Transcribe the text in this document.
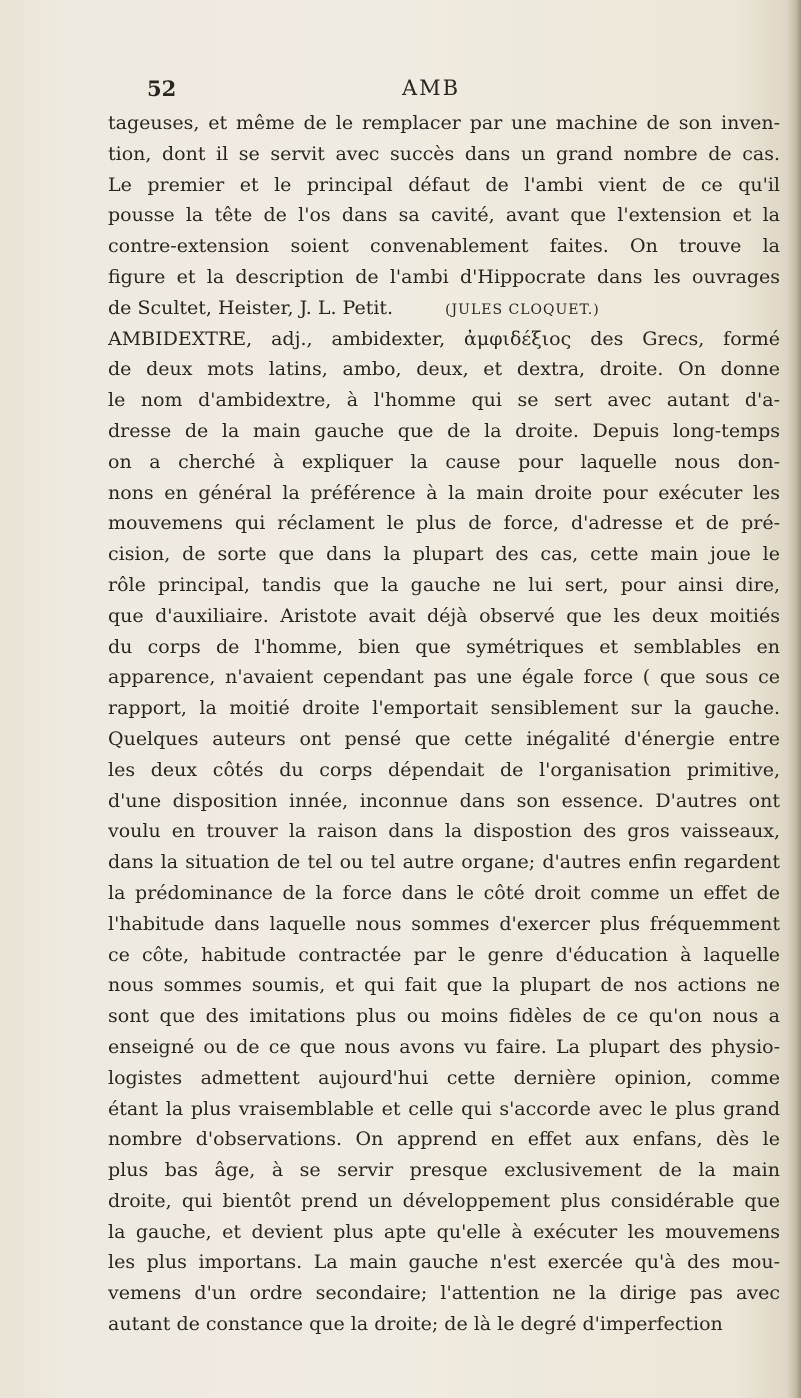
52	AMB
tageuses, et même de le remplacer par une machine de son inven-
tion, dont il se servit avec succès dans un grand nombre de cas.
Le premier et le principal défaut de l'ambi vient de ce qu'il
pousse la tête de l'os dans sa cavité, avant que l'extension et la
contre-extension soient convenablement faites. On trouve la
figure et la description de l'ambi d'Hippocrate dans les ouvrages
de Scultet, Heister, J. L. Petit.	(JULES CLOQUET.)
AMBIDEXTRE, adj., ambidexter, ἀμφιδέξιος des Grecs, formé
de deux mots latins, ambo, deux, et dextra, droite. On donne
le nom d'ambidextre, à l'homme qui se sert avec autant d'a-
dresse de la main gauche que de la droite. Depuis long-temps
on a cherché à expliquer la cause pour laquelle nous don-
nons en général la préférence à la main droite pour exécuter les
mouvemens qui réclament le plus de force, d'adresse et de pré-
cision, de sorte que dans la plupart des cas, cette main joue le
rôle principal, tandis que la gauche ne lui sert, pour ainsi dire,
que d'auxiliaire. Aristote avait déjà observé que les deux moitiés
du corps de l'homme, bien que symétriques et semblables en
apparence, n'avaient cependant pas une égale force ( que sous ce
rapport, la moitié droite l'emportait sensiblement sur la gauche.
Quelques auteurs ont pensé que cette inégalité d'énergie entre
les deux côtés du corps dépendait de l'organisation primitive,
d'une disposition innée, inconnue dans son essence. D'autres ont
voulu en trouver la raison dans la dispostion des gros vaisseaux,
dans la situation de tel ou tel autre organe; d'autres enfin regardent
la prédominance de la force dans le côté droit comme un effet de
l'habitude dans laquelle nous sommes d'exercer plus fréquemment
ce côte, habitude contractée par le genre d'éducation à laquelle
nous sommes soumis, et qui fait que la plupart de nos actions ne
sont que des imitations plus ou moins fidèles de ce qu'on nous a
enseigné ou de ce que nous avons vu faire. La plupart des physio-
logistes admettent aujourd'hui cette dernière opinion, comme
étant la plus vraisemblable et celle qui s'accorde avec le plus grand
nombre d'observations. On apprend en effet aux enfans, dès le
plus bas âge, à se servir presque exclusivement de la main
droite, qui bientôt prend un développement plus considérable que
la gauche, et devient plus apte qu'elle à exécuter les mouvemens
les plus importans. La main gauche n'est exercée qu'à des mou-
vemens d'un ordre secondaire; l'attention ne la dirige pas avec
autant de constance que la droite; de là le degré d'imperfection
